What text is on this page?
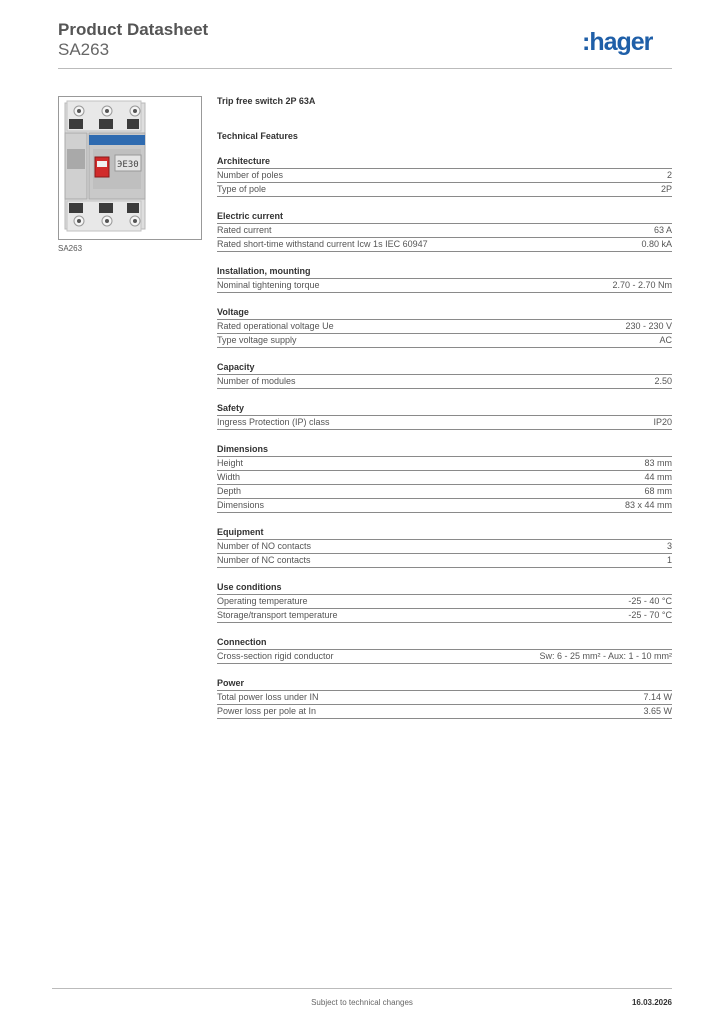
Product Datasheet
SA263	:hager
ЭЕЗ0
SA263
Trip free switch 2P 63A
Technical Features
Architecture
Number of poles	2
Type of pole	2P
Electric current
Rated current	63 A
Rated short-time withstand current Icw 1s IEC 60947	0.80 kA
Installation, mounting
Nominal tightening torque	2.70 - 2.70 Nm
Voltage
Rated operational voltage Ue	230 - 230 V
Type voltage supply	AC
Capacity
Number of modules	2.50
Safety
Ingress Protection (IP) class	IP20
Dimensions
Height	83 mm
Width	44 mm
Depth	68 mm
Dimensions	83 x 44 mm
Equipment
Number of NO contacts	3
Number of NC contacts	1
Use conditions
Operating temperature	-25 - 40 °C
Storage/transport temperature	-25 - 70 °C
Connection
Cross-section rigid conductor	Sw: 6 - 25 mm² - Aux: 1 - 10 mm²
Power
Total power loss under IN	7.14 W
Power loss per pole at In	3.65 W
Subject to technical changes	16.03.2026
